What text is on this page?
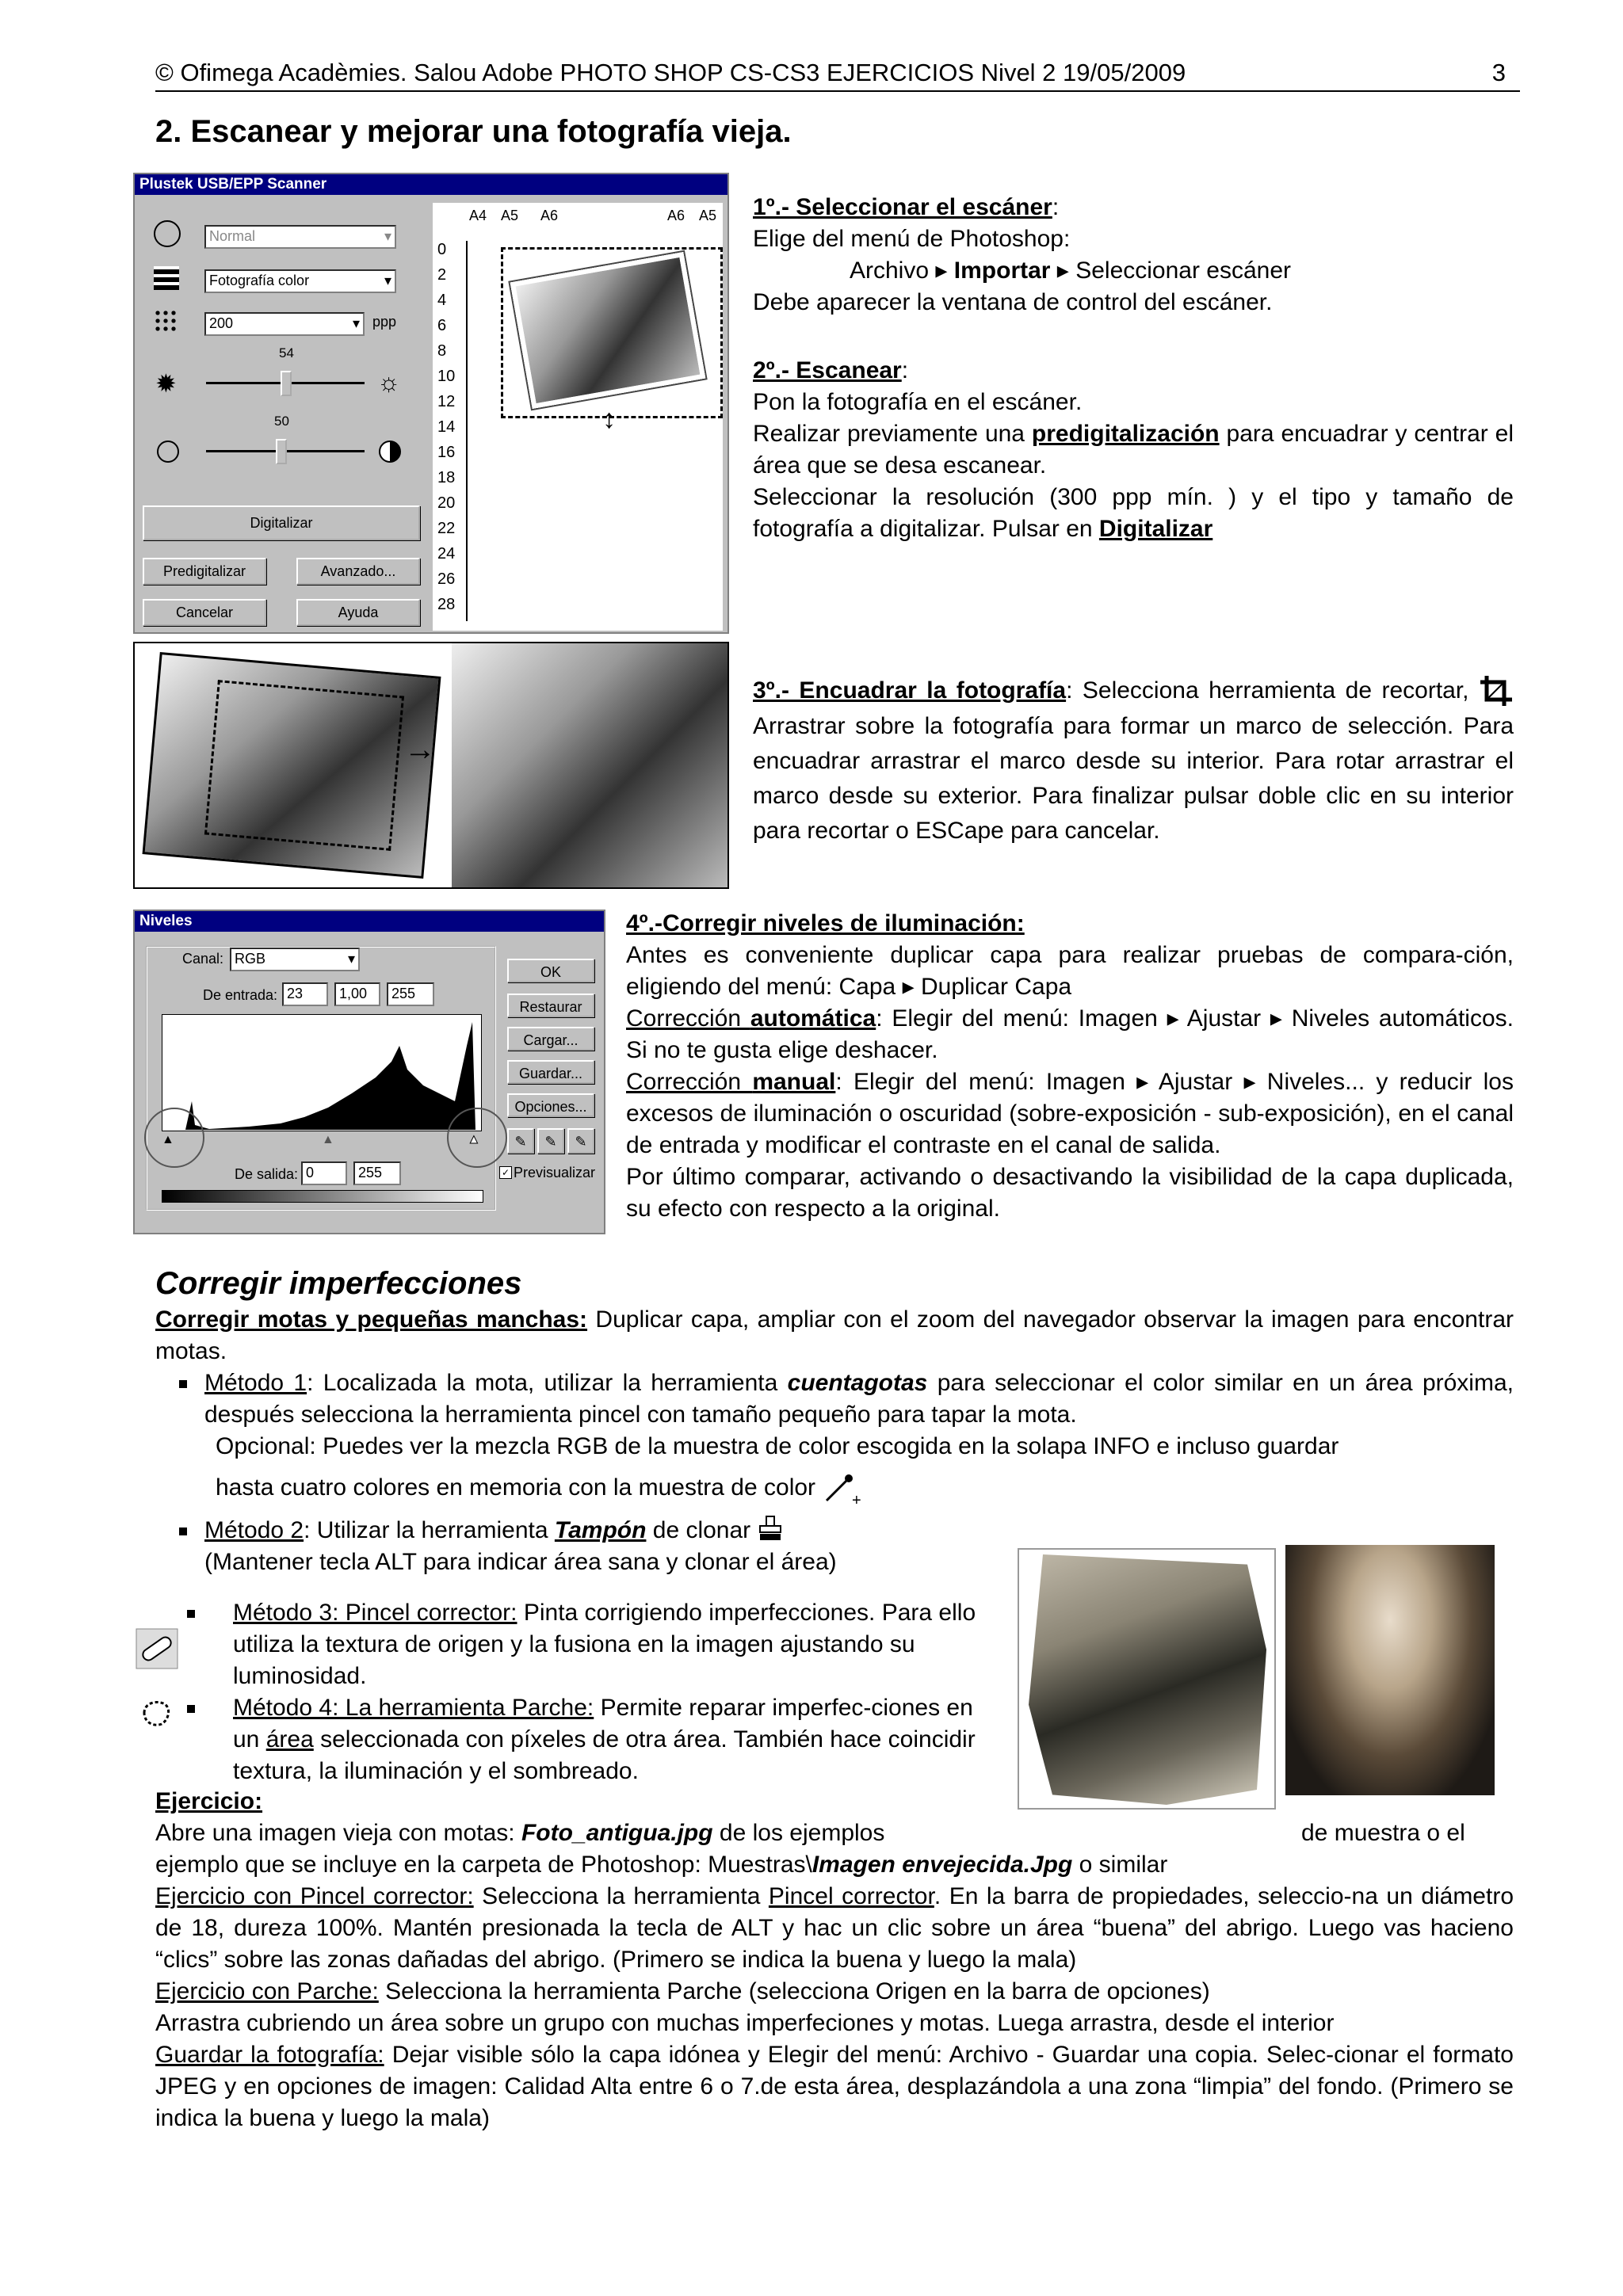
© Ofimega Acadèmies. Salou Adobe PHOTO SHOP CS-CS3 EJERCICIOS Nivel 2 19/05/2009	3
2. Escanear y mejorar una fotografía vieja.
Plustek USB/EPP Scanner
Normal	▾
Fotografía color	▾
200	▾ ppp
54
✹	☼
50
Digitalizar
Predigitalizar	Avanzado...
Cancelar	Ayuda
A4 A5 A6	A6 A5
0
2
4
6
8
10
12
14
16
18
20
22
24
26
28
↕

1º.- Seleccionar el escáner:

Elige del menú de Photoshop:

Archivo ▸ Importar ▸ Seleccionar escáner

Debe aparecer la ventana de control del escáner.

2º.- Escanear:

Pon la fotografía en el escáner.

Realizar previamente una predigitalización para encuadrar y centrar el área que se desa escanear.

Seleccionar la resolución (300 ppp mín. ) y el tipo y tamaño de fotografía a digitalizar. Pulsar en Digitalizar

→

3º.- Encuadrar la fotografía: Selecciona herramienta de recortar,  Arrastrar sobre la fotografía para formar un marco de selección. Para encuadrar arrastrar el marco desde su interior. Para rotar arrastrar el marco desde su exterior. Para finalizar pulsar doble clic en su interior para recortar o ESCape para cancelar.

Niveles
Canal: RGB	▾
De entrada: 23	1,00	255
▲	▲	▲
De salida: 0	255
OK
Restaurar
Cargar...
Guardar...
Opciones...
✎	✎	✎
✓ Previsualizar

4º.-Corregir niveles de iluminación:

Antes es conveniente duplicar capa para realizar pruebas de compara-ción, eligiendo del menú: Capa ▸ Duplicar Capa

Corrección automática: Elegir del menú: Imagen ▸ Ajustar ▸ Niveles automáticos. Si no te gusta elige deshacer.

Corrección manual: Elegir del menú: Imagen ▸ Ajustar ▸ Niveles... y reducir los excesos de iluminación o oscuridad (sobre-exposición - sub-exposición), en el canal de entrada y modificar el contraste en el canal de salida.

Por último comparar, activando o desactivando la visibilidad de la capa duplicada, su efecto con respecto a la original.

Corregir imperfecciones

Corregir motas y pequeñas manchas: Duplicar capa, ampliar con el zoom del navegador observar la imagen para encontrar motas.

Método 1: Localizada la mota, utilizar la herramienta cuentagotas para seleccionar el color similar en un área próxima, después selecciona la herramienta pincel con tamaño pequeño para tapar la mota.

Opcional: Puedes ver la mezcla RGB de la muestra de color escogida en la solapa INFO e incluso guardar
hasta cuatro colores en memoria con la muestra de color +

Método 2: Utilizar la herramienta Tampón de clonar

(Mantener tecla ALT para indicar área sana y clonar el área)

Método 3: Pincel corrector: Pinta corrigiendo imperfecciones. Para ello utiliza la textura de origen y la fusiona en la imagen ajustando su luminosidad.

Método 4: La herramienta Parche: Permite reparar imperfec-ciones en un área seleccionada con píxeles de otra área. También hace coincidir textura, la iluminación y el sombreado.

Ejercicio:
Abre una imagen vieja con motas: Foto_antigua.jpg de los ejemplos	de muestra o el

ejemplo que se incluye en la carpeta de Photoshop: Muestras\Imagen envejecida.Jpg o similar

Ejercicio con Pincel corrector: Selecciona la herramienta Pincel corrector. En la barra de propiedades, seleccio-na un diámetro de 18, dureza 100%. Mantén presionada la tecla de ALT y hac un clic sobre un área “buena” del abrigo. Luego vas hacieno “clics” sobre las zonas dañadas del abrigo. (Primero se indica la buena y luego la mala)

Ejercicio con Parche: Selecciona la herramienta Parche (selecciona Origen en la barra de opciones)

Arrastra cubriendo un área sobre un grupo con muchas imperfeciones y motas. Luega arrastra, desde el interior

Guardar la fotografía: Dejar visible sólo la capa idónea y Elegir del menú: Archivo - Guardar una copia. Selec-cionar el formato JPEG y en opciones de imagen: Calidad Alta entre 6 o 7.de esta área, desplazándola a una zona “limpia” del fondo. (Primero se indica la buena y luego la mala)
